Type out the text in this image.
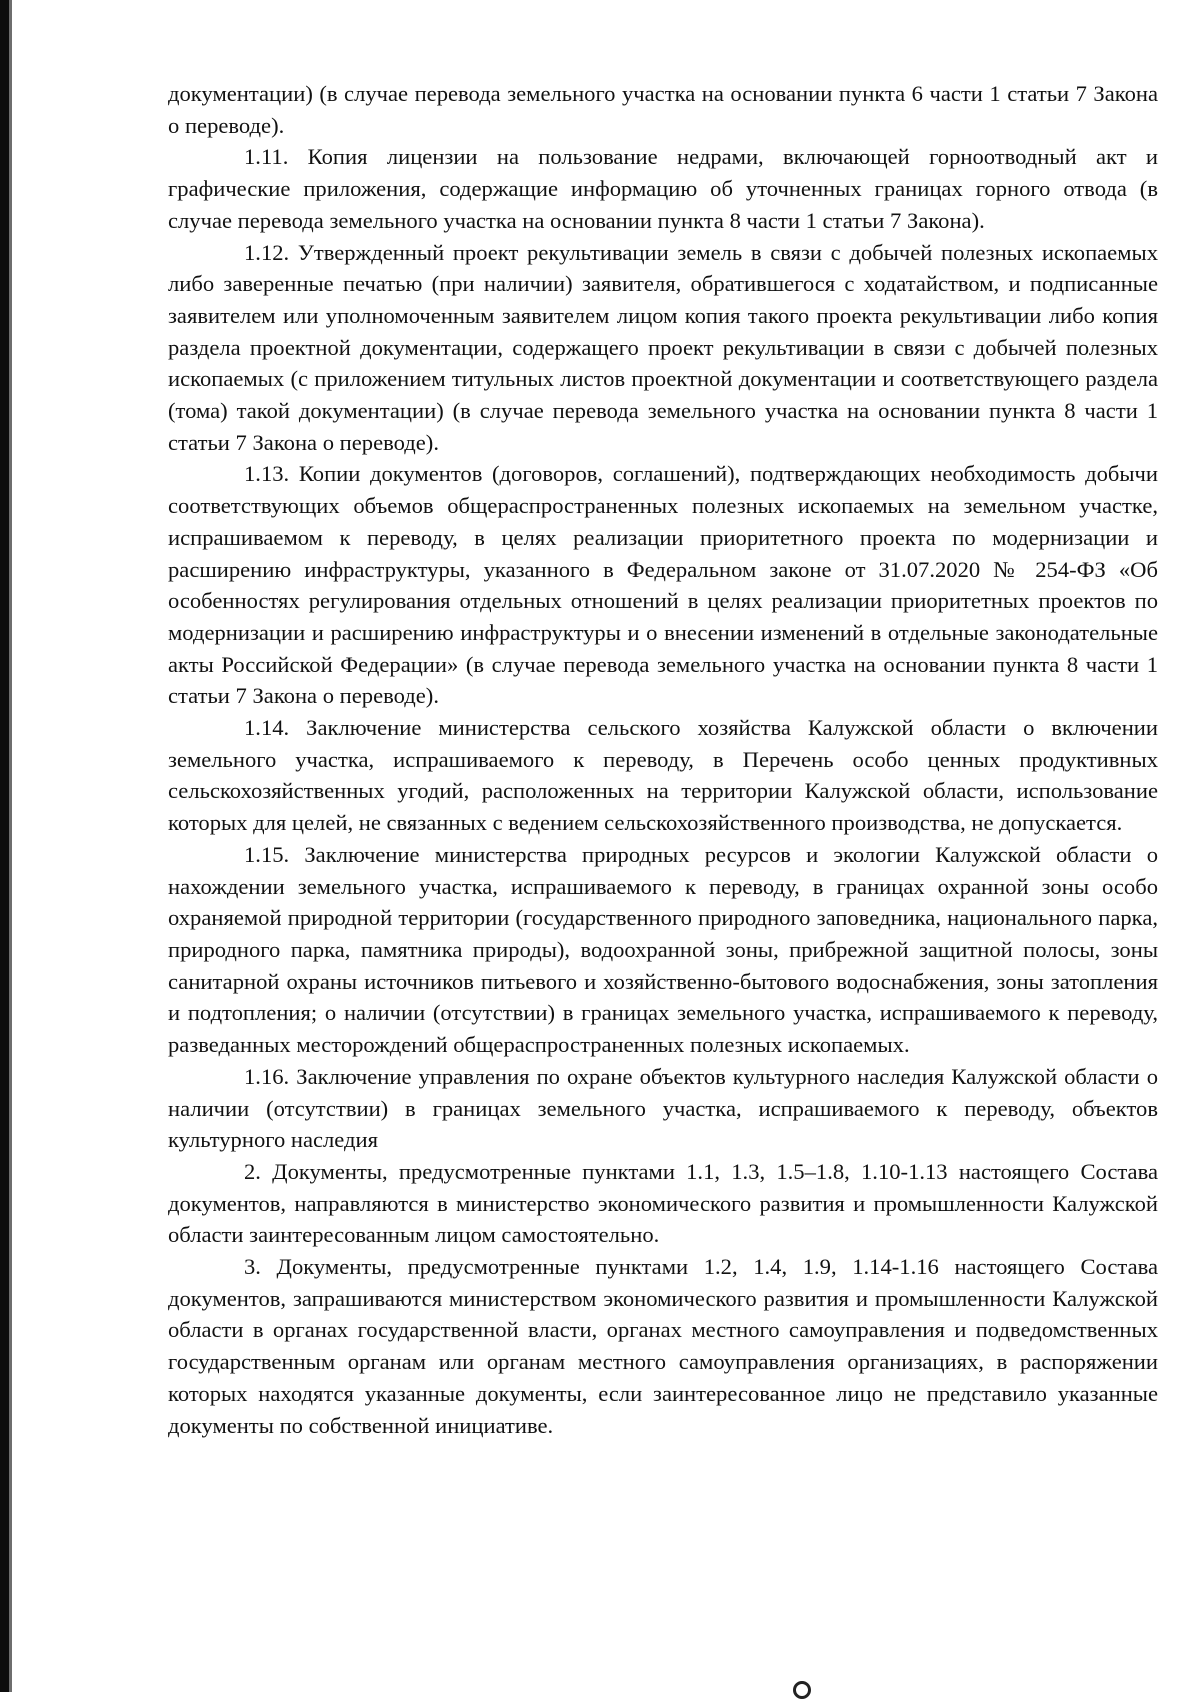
документации) (в случае перевода земельного участка на основании пункта 6 части 1 статьи 7 Закона о переводе).

1.11. Копия лицензии на пользование недрами, включающей горноотводный акт и графические приложения, содержащие информацию об уточненных границах горного отвода (в случае перевода земельного участка на основании пункта 8 части 1 статьи 7 Закона).

1.12. Утвержденный проект рекультивации земель в связи с добычей полезных ископаемых либо заверенные печатью (при наличии) заявителя, обратившегося с ходатайством, и подписанные заявителем или уполномоченным заявителем лицом копия такого проекта рекультивации либо копия раздела проектной документации, содержащего проект рекультивации в связи с добычей полезных ископаемых (с приложением титульных листов проектной документации и соответствующего раздела (тома) такой документации) (в случае перевода земельного участка на основании пункта 8 части 1 статьи 7 Закона о переводе).

1.13. Копии документов (договоров, соглашений), подтверждающих необходимость добычи соответствующих объемов общераспространенных полезных ископаемых на земельном участке, испрашиваемом к переводу, в целях реализации приоритетного проекта по модернизации и расширению инфраструктуры, указанного в Федеральном законе от 31.07.2020 № 254-ФЗ «Об особенностях регулирования отдельных отношений в целях реализации приоритетных проектов по модернизации и расширению инфраструктуры и о внесении изменений в отдельные законодательные акты Российской Федерации» (в случае перевода земельного участка на основании пункта 8 части 1 статьи 7 Закона о переводе).

1.14. Заключение министерства сельского хозяйства Калужской области о включении земельного участка, испрашиваемого к переводу, в Перечень особо ценных продуктивных сельскохозяйственных угодий, расположенных на территории Калужской области, использование которых для целей, не связанных с ведением сельскохозяйственного производства, не допускается.

1.15. Заключение министерства природных ресурсов и экологии Калужской области о нахождении земельного участка, испрашиваемого к переводу, в границах охранной зоны особо охраняемой природной территории (государственного природного заповедника, национального парка, природного парка, памятника природы), водоохранной зоны, прибрежной защитной полосы, зоны санитарной охраны источников питьевого и хозяйственно-бытового водоснабжения, зоны затопления и подтопления; о наличии (отсутствии) в границах земельного участка, испрашиваемого к переводу, разведанных месторождений общераспространенных полезных ископаемых.

1.16. Заключение управления по охране объектов культурного наследия Калужской области о наличии (отсутствии) в границах земельного участка, испрашиваемого к переводу, объектов культурного наследия

2. Документы, предусмотренные пунктами 1.1, 1.3, 1.5–1.8, 1.10-1.13 настоящего Состава документов, направляются в министерство экономического развития и промышленности Калужской области заинтересованным лицом самостоятельно.

3. Документы, предусмотренные пунктами 1.2, 1.4, 1.9, 1.14-1.16 настоящего Состава документов, запрашиваются министерством экономического развития и промышленности Калужской области в органах государственной власти, органах местного самоуправления и подведомственных государственным органам или органам местного самоуправления организациях, в распоряжении которых находятся указанные документы, если заинтересованное лицо не представило указанные документы по собственной инициативе.
